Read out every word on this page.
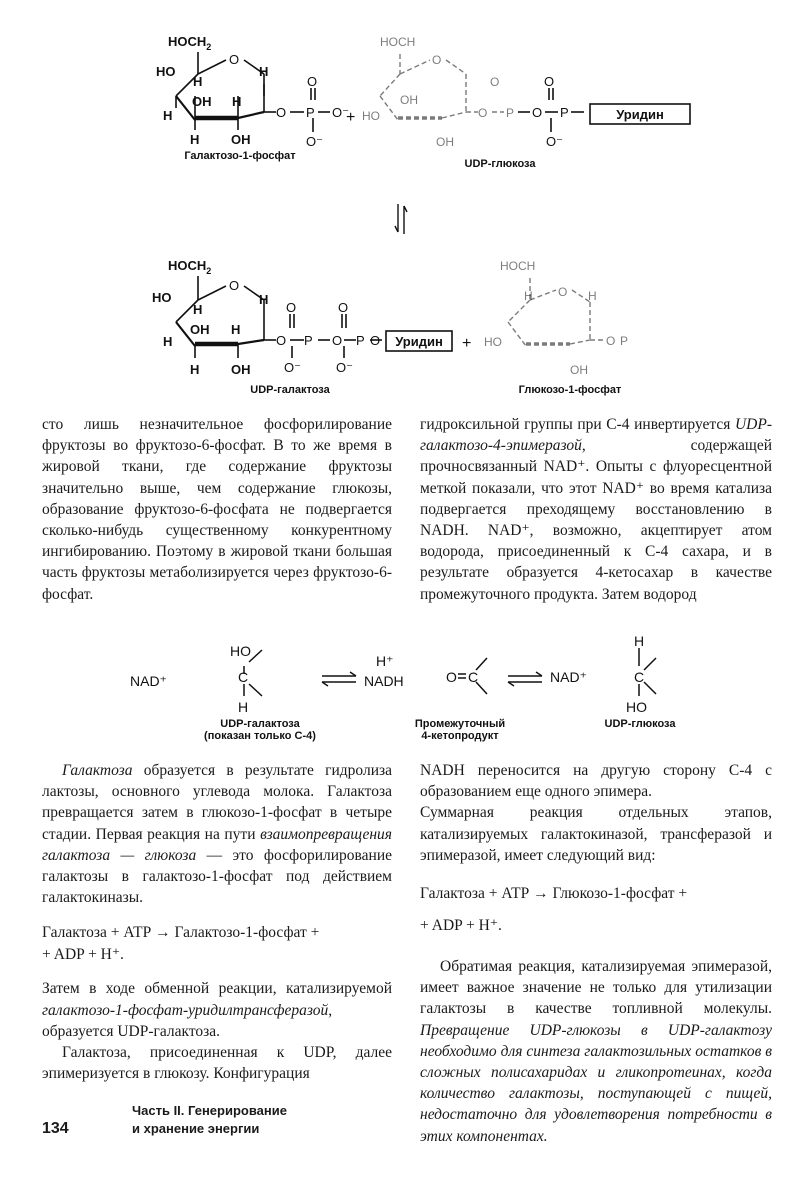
$HOCH_2$
O
HO
H
H
OH H
H
H OH
O P
O
O⁻
O⁻
+
HOCH
O
OH
HO
OH
O
O P O
O
P
O⁻
Уридин
$HOCH_2$
O
HO
H
H
OH H
H
H OH
O
O
P
O⁻
O
O
P
O⁻
O Уридин +
HOCH
O
H	H
HO
OH
O P
Галактозо-1-фосфат
UDP-глюкоза
UDP-галактоза	Глюкозо-1-фосфат

сто лишь незначительное фосфорилирование фруктозы во фруктозо-6-фосфат. В то же время в жировой ткани, где содержание фруктозы значительно выше, чем содержание глюкозы, образование фруктозо-6-фосфата не подвергается сколько-нибудь существенному конкурентному ингибированию. Поэтому в жировой ткани большая часть фруктозы метаболизируется через фруктозо-6-фосфат.

гидроксильной группы при С-4 инвертируется UDP-галактозо-4-эпимеразой, содержащей прочносвязанный NAD⁺. Опыты с флуоресцентной меткой показали, что этот NAD⁺ во время катализа подвергается преходящему восстановлению в NADH. NAD⁺, возможно, акцептирует атом водорода, присоединенный к С-4 сахара, и в результате образуется 4-кетосахар в качестве промежуточного продукта. Затем водород

NAD⁺
HO
C
H
H⁺
NADH	O C	NAD⁺
H
C
HO
UDP-галактоза
(показан только С-4)
Промежуточный
4-кетопродукт
UDP-глюкоза

Галактоза образуется в результате гидролиза лактозы, основного углевода молока. Галактоза превращается затем в глюкозо-1-фосфат в четыре стадии. Первая реакция на пути взаимопревращения галактоза — глюкоза — это фосфорилирование галактозы в галактозо-1-фосфат под действием галактокиназы.

Галактоза + АТР → Галактозо-1-фосфат +
+ ADP + H⁺.

Затем в ходе обменной реакции, катализируемой галактозо-1-фосфат-уридилтрансферазой, образуется UDP-галактоза.

Галактоза, присоединенная к UDP, далее эпимеризуется в глюкозу. Конфигурация

NADH переносится на другую сторону С-4 с образованием еще одного эпимера.

Суммарная реакция отдельных этапов, катализируемых галактокиназой, трансферазой и эпимеразой, имеет следующий вид:

Галактоза + АТР → Глюкозо-1-фосфат +
+ ADP + H⁺.

Обратимая реакция, катализируемая эпимеразой, имеет важное значение не только для утилизации галактозы в качестве топливной молекулы. Превращение UDP-глюкозы в UDP-галактозу необходимо для синтеза галактозильных остатков в сложных полисахаридах и гликопротеинах, когда количество галактозы, поступающей с пищей, недостаточно для удовлетворения потребности в этих компонентах.

134
Часть II. Генерирование
и хранение энергии
